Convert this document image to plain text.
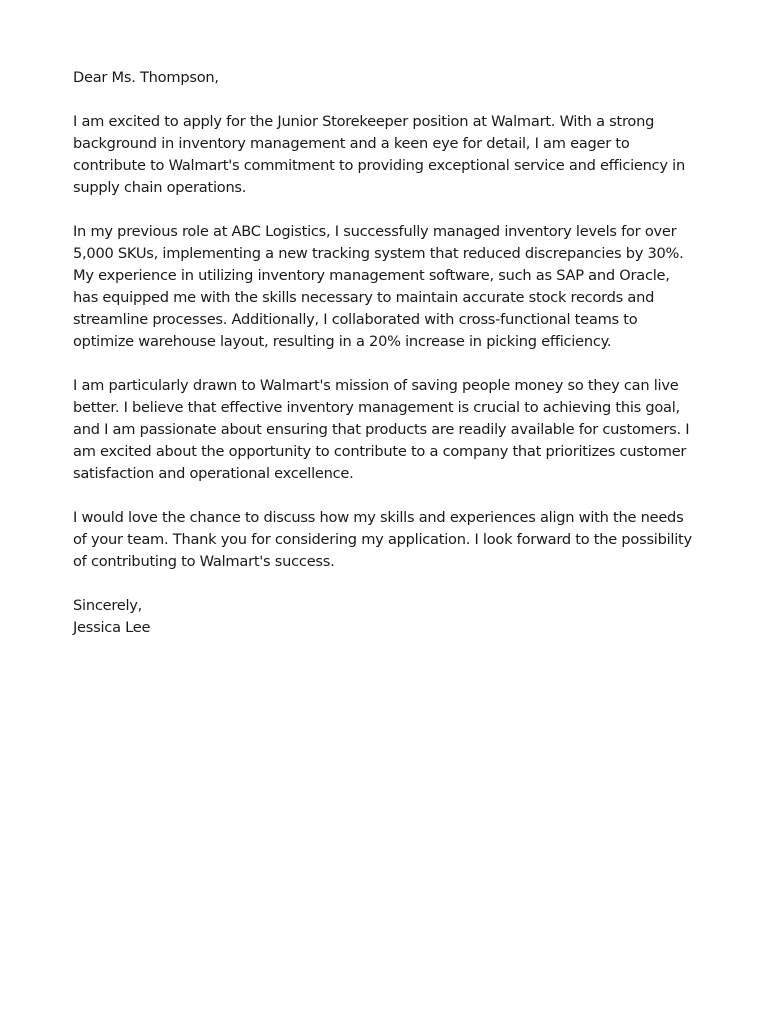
Dear Ms. Thompson,

I am excited to apply for the Junior Storekeeper position at Walmart. With a strong background in inventory management and a keen eye for detail, I am eager to contribute to Walmart's commitment to providing exceptional service and efficiency in supply chain operations.

In my previous role at ABC Logistics, I successfully managed inventory levels for over 5,000 SKUs, implementing a new tracking system that reduced discrepancies by 30%. My experience in utilizing inventory management software, such as SAP and Oracle, has equipped me with the skills necessary to maintain accurate stock records and streamline processes. Additionally, I collaborated with cross-functional teams to optimize warehouse layout, resulting in a 20% increase in picking efficiency.

I am particularly drawn to Walmart's mission of saving people money so they can live better. I believe that effective inventory management is crucial to achieving this goal, and I am passionate about ensuring that products are readily available for customers. I am excited about the opportunity to contribute to a company that prioritizes customer satisfaction and operational excellence.

I would love the chance to discuss how my skills and experiences align with the needs of your team. Thank you for considering my application. I look forward to the possibility of contributing to Walmart's success.

Sincerely,

Jessica Lee
